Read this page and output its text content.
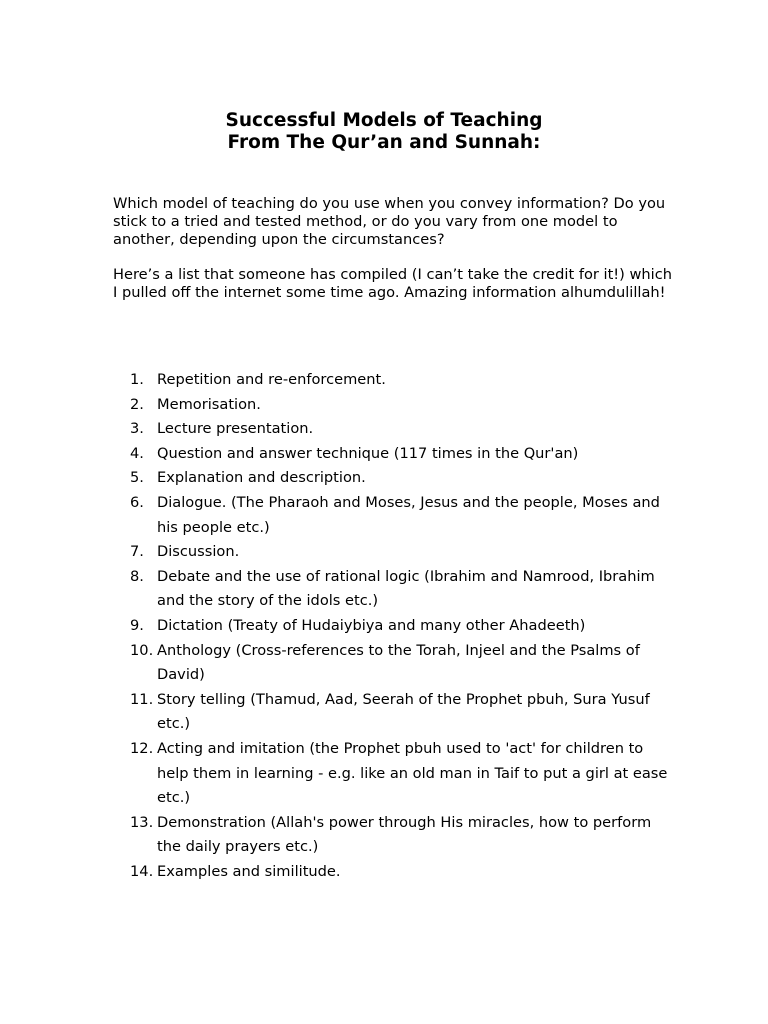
Successful Models of Teaching
From The Qur’an and Sunnah:

Which model of teaching do you use when you convey information? Do you stick to a tried and tested method, or do you vary from one model to another, depending upon the circumstances?

Here’s a list that someone has compiled (I can’t take the credit for it!) which I pulled off the internet some time ago. Amazing information alhumdulillah!

1. Repetition and re-enforcement.
2. Memorisation.
3. Lecture presentation.
4. Question and answer technique (117 times in the Qur'an)
5. Explanation and description.
6. Dialogue. (The Pharaoh and Moses, Jesus and the people, Moses and his people etc.)
7. Discussion.
8. Debate and the use of rational logic (Ibrahim and Namrood, Ibrahim and the story of the idols etc.)
9. Dictation (Treaty of Hudaiybiya and many other Ahadeeth)
10. Anthology (Cross-references to the Torah, Injeel and the Psalms of David)
11. Story telling (Thamud, Aad, Seerah of the Prophet pbuh, Sura Yusuf etc.)
12. Acting and imitation (the Prophet pbuh used to 'act' for children to help them in learning - e.g. like an old man in Taif to put a girl at ease etc.)
13. Demonstration (Allah's power through His miracles, how to perform the daily prayers etc.)
14. Examples and similitude.
